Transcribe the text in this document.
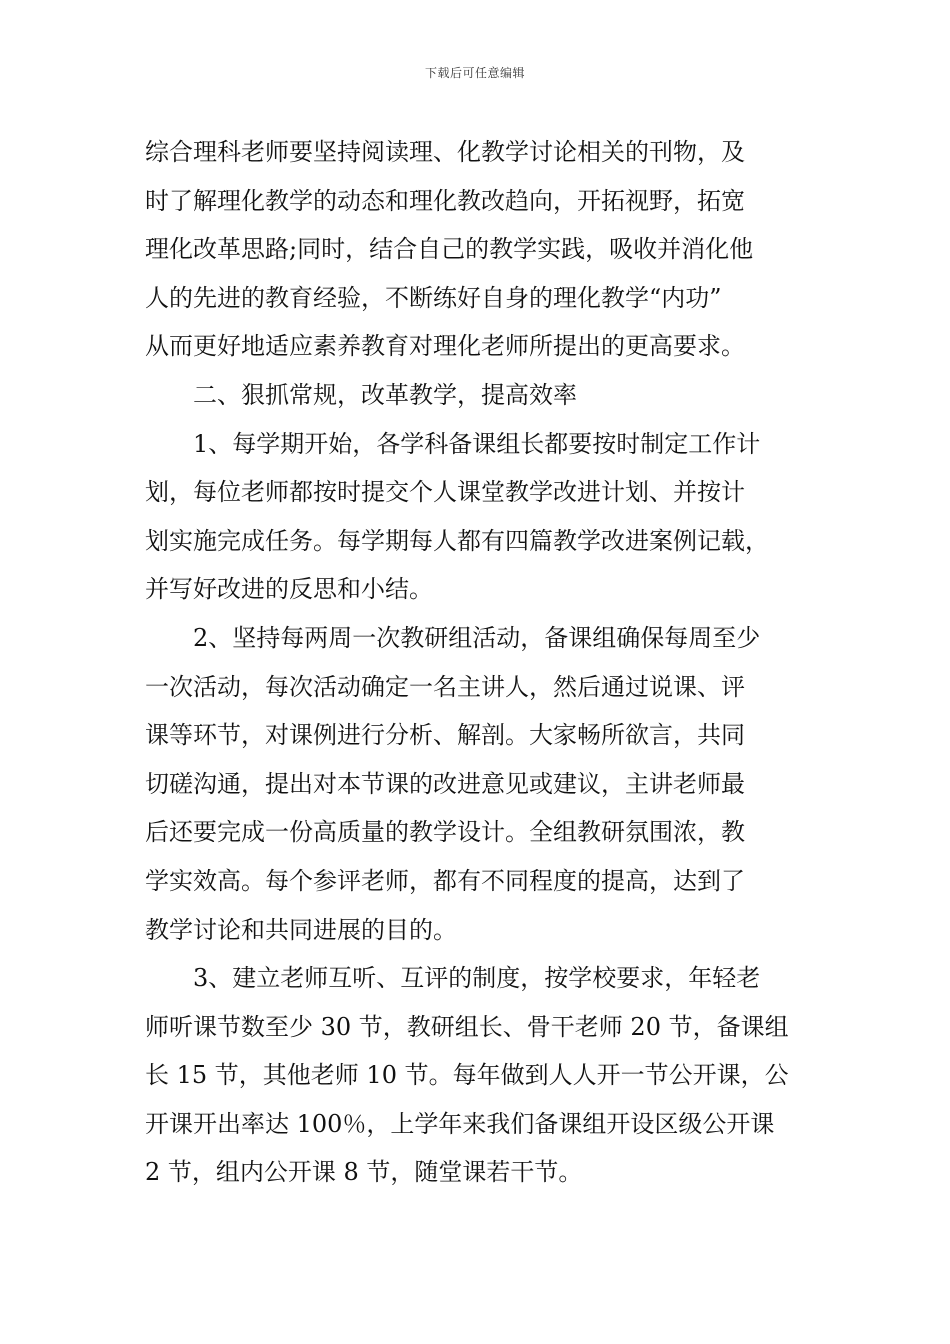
下载后可任意编辑
综合理科老师要坚持阅读理、化教学讨论相关的刊物，及
时了解理化教学的动态和理化教改趋向，开拓视野，拓宽
理化改革思路;同时，结合自己的教学实践，吸收并消化他
人的先进的教育经验，不断练好自身的理化教学“内功”
从而更好地适应素养教育对理化老师所提出的更高要求。
二、狠抓常规，改革教学，提高效率
1、每学期开始，各学科备课组长都要按时制定工作计
划，每位老师都按时提交个人课堂教学改进计划、并按计
划实施完成任务。每学期每人都有四篇教学改进案例记载，
并写好改进的反思和小结。
2、坚持每两周一次教研组活动，备课组确保每周至少
一次活动，每次活动确定一名主讲人，然后通过说课、评
课等环节，对课例进行分析、解剖。大家畅所欲言，共同
切磋沟通，提出对本节课的改进意见或建议，主讲老师最
后还要完成一份高质量的教学设计。全组教研氛围浓，教
学实效高。每个参评老师，都有不同程度的提高，达到了
教学讨论和共同进展的目的。
3、建立老师互听、互评的制度，按学校要求，年轻老
师听课节数至少 30 节，教研组长、骨干老师 20 节，备课组
长 15 节，其他老师 10 节。每年做到人人开一节公开课，公
开课开出率达 100％，上学年来我们备课组开设区级公开课
2 节，组内公开课 8 节，随堂课若干节。
